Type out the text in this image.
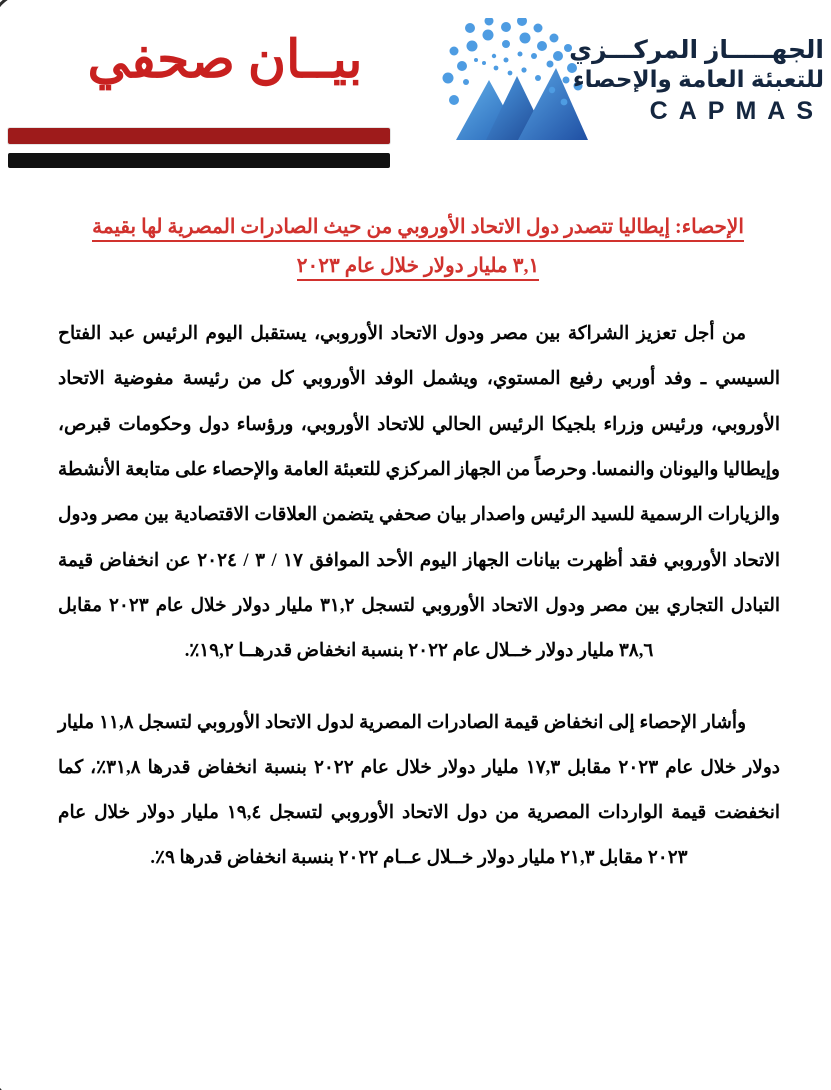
بيــان صحفي	الجهـــــاز المركـــزي
للتعبئة العامة والإحصاء
CAPMAS
الإحصاء: إيطاليا تتصدر دول الاتحاد الأوروبي من حيث الصادرات المصرية لها بقيمة
٣,١ مليار دولار خلال عام ٢٠٢٣

من أجل تعزيز الشراكة بين مصر ودول الاتحاد الأوروبي، يستقبل اليوم الرئيس عبد الفتاح السيسي ـ وفد أوربي رفيع المستوي، ويشمل الوفد الأوروبي كل من رئيسة مفوضية الاتحاد الأوروبي، ورئيس وزراء بلجيكا الرئيس الحالي للاتحاد الأوروبي، ورؤساء دول وحكومات قبرص، وإيطاليا واليونان والنمسا. وحرصاً من الجهاز المركزي للتعبئة العامة والإحصاء على متابعة الأنشطة والزيارات الرسمية للسيد الرئيس واصدار بيان صحفي يتضمن العلاقات الاقتصادية بين مصر ودول الاتحاد الأوروبي فقد أظهرت بيانات الجهاز اليوم الأحد الموافق ١٧ / ٣ / ٢٠٢٤ عن انخفاض قيمة التبادل التجاري بين مصر ودول الاتحاد الأوروبي لتسجل ٣١,٢ مليار دولار خلال عام ٢٠٢٣ مقابل ٣٨,٦ مليار دولار خــلال عام ٢٠٢٢ بنسبة انخفاض قدرهــا ١٩,٢٪.

وأشار الإحصاء إلى انخفاض قيمة الصادرات المصرية لدول الاتحاد الأوروبي لتسجل ١١,٨ مليار دولار خلال عام ٢٠٢٣ مقابل ١٧,٣ مليار دولار خلال عام ٢٠٢٢ بنسبة انخفاض قدرها ٣١,٨٪، كما انخفضت قيمة الواردات المصرية من دول الاتحاد الأوروبي لتسجل ١٩,٤ مليار دولار خلال عام ٢٠٢٣ مقابل ٢١,٣ مليار دولار خــلال عــام ٢٠٢٢ بنسبة انخفاض قدرها ٩٪.
